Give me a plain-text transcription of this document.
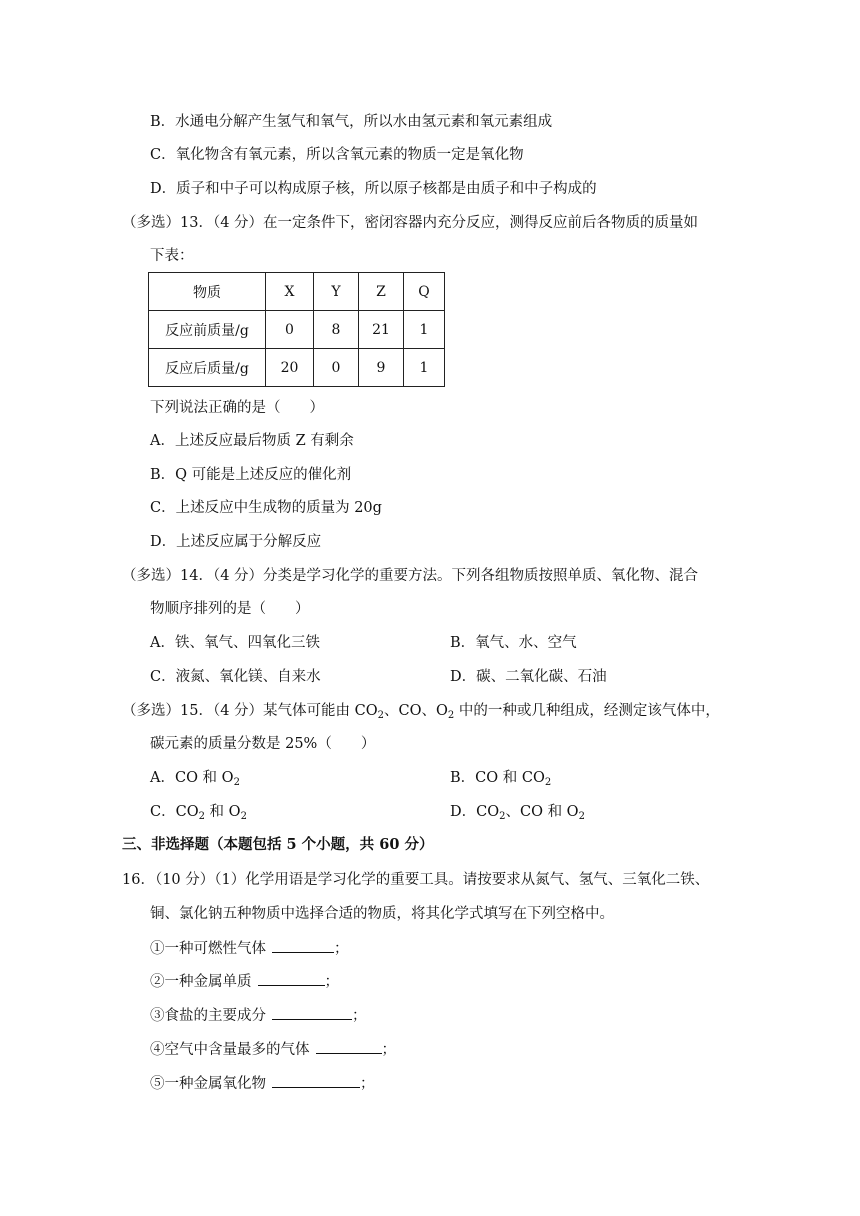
B．水通电分解产生氢气和氧气，所以水由氢元素和氧元素组成
C．氧化物含有氧元素，所以含氧元素的物质一定是氧化物
D．质子和中子可以构成原子核，所以原子核都是由质子和中子构成的
（多选）13．（4 分）在一定条件下，密闭容器内充分反应，测得反应前后各物质的质量如
下表：
物质	X	Y	Z	Q
反应前质量/g	0	8	21	1
反应后质量/g	20	0	9	1
下列说法正确的是（　　）
A．上述反应最后物质 Z 有剩余
B．Q 可能是上述反应的催化剂
C．上述反应中生成物的质量为 20g
D．上述反应属于分解反应
（多选）14．（4 分）分类是学习化学的重要方法。下列各组物质按照单质、氧化物、混合
物顺序排列的是（　　）
A．铁、氧气、四氧化三铁	B．氧气、水、空气
C．液氮、氧化镁、自来水	D．碳、二氧化碳、石油
（多选）15．（4 分）某气体可能由 $CO_2$、CO、$O_2$ 中的一种或几种组成，经测定该气体中，
碳元素的质量分数是 25%（　　）
A．CO 和 $O_2$	B．CO 和 $CO_2$
C．$CO_2$ 和 $O_2$	D．$CO_2$、CO 和 $O_2$
三、非选择题（本题包括 5 个小题，共 60 分）
16．（10 分）（1）化学用语是学习化学的重要工具。请按要求从氮气、氢气、三氧化二铁、
铜、氯化钠五种物质中选择合适的物质，将其化学式填写在下列空格中。
①一种可燃性气体	；
②一种金属单质	；
③食盐的主要成分	；
④空气中含量最多的气体	；
⑤一种金属氧化物	；
